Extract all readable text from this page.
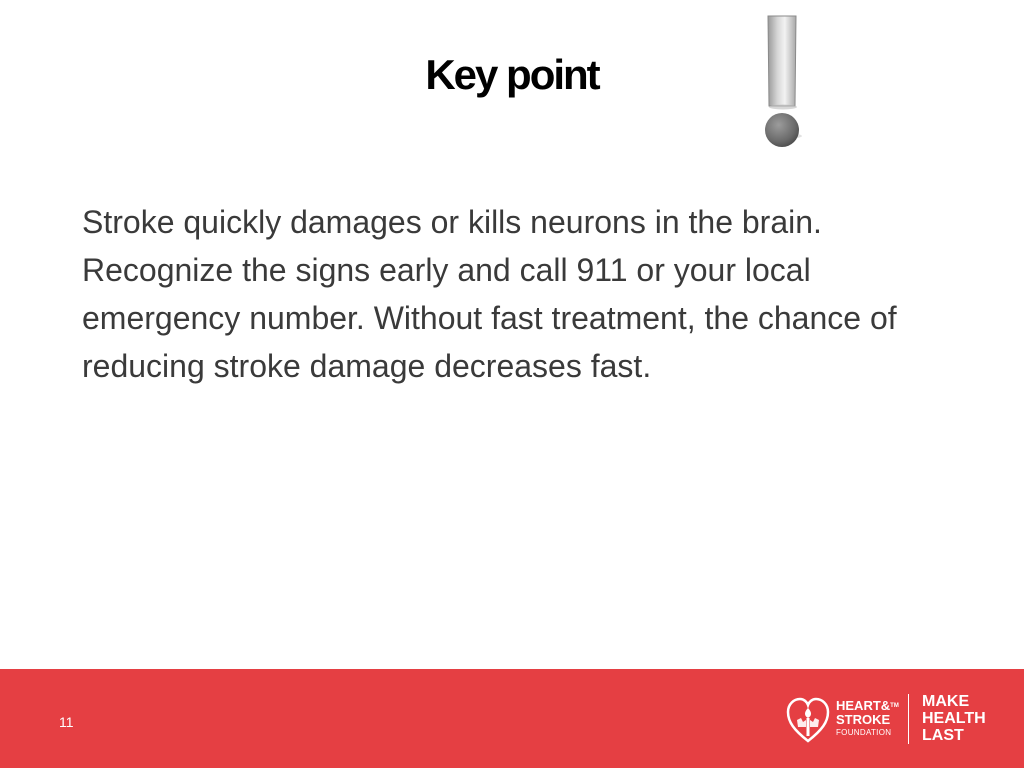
Key point

Stroke quickly damages or kills neurons in the brain. Recognize the signs early and call 911 or your local emergency number. Without fast treatment, the chance of reducing stroke damage decreases fast.

11
HEART&™
STROKE
FOUNDATION
MAKE
HEALTH
LAST
